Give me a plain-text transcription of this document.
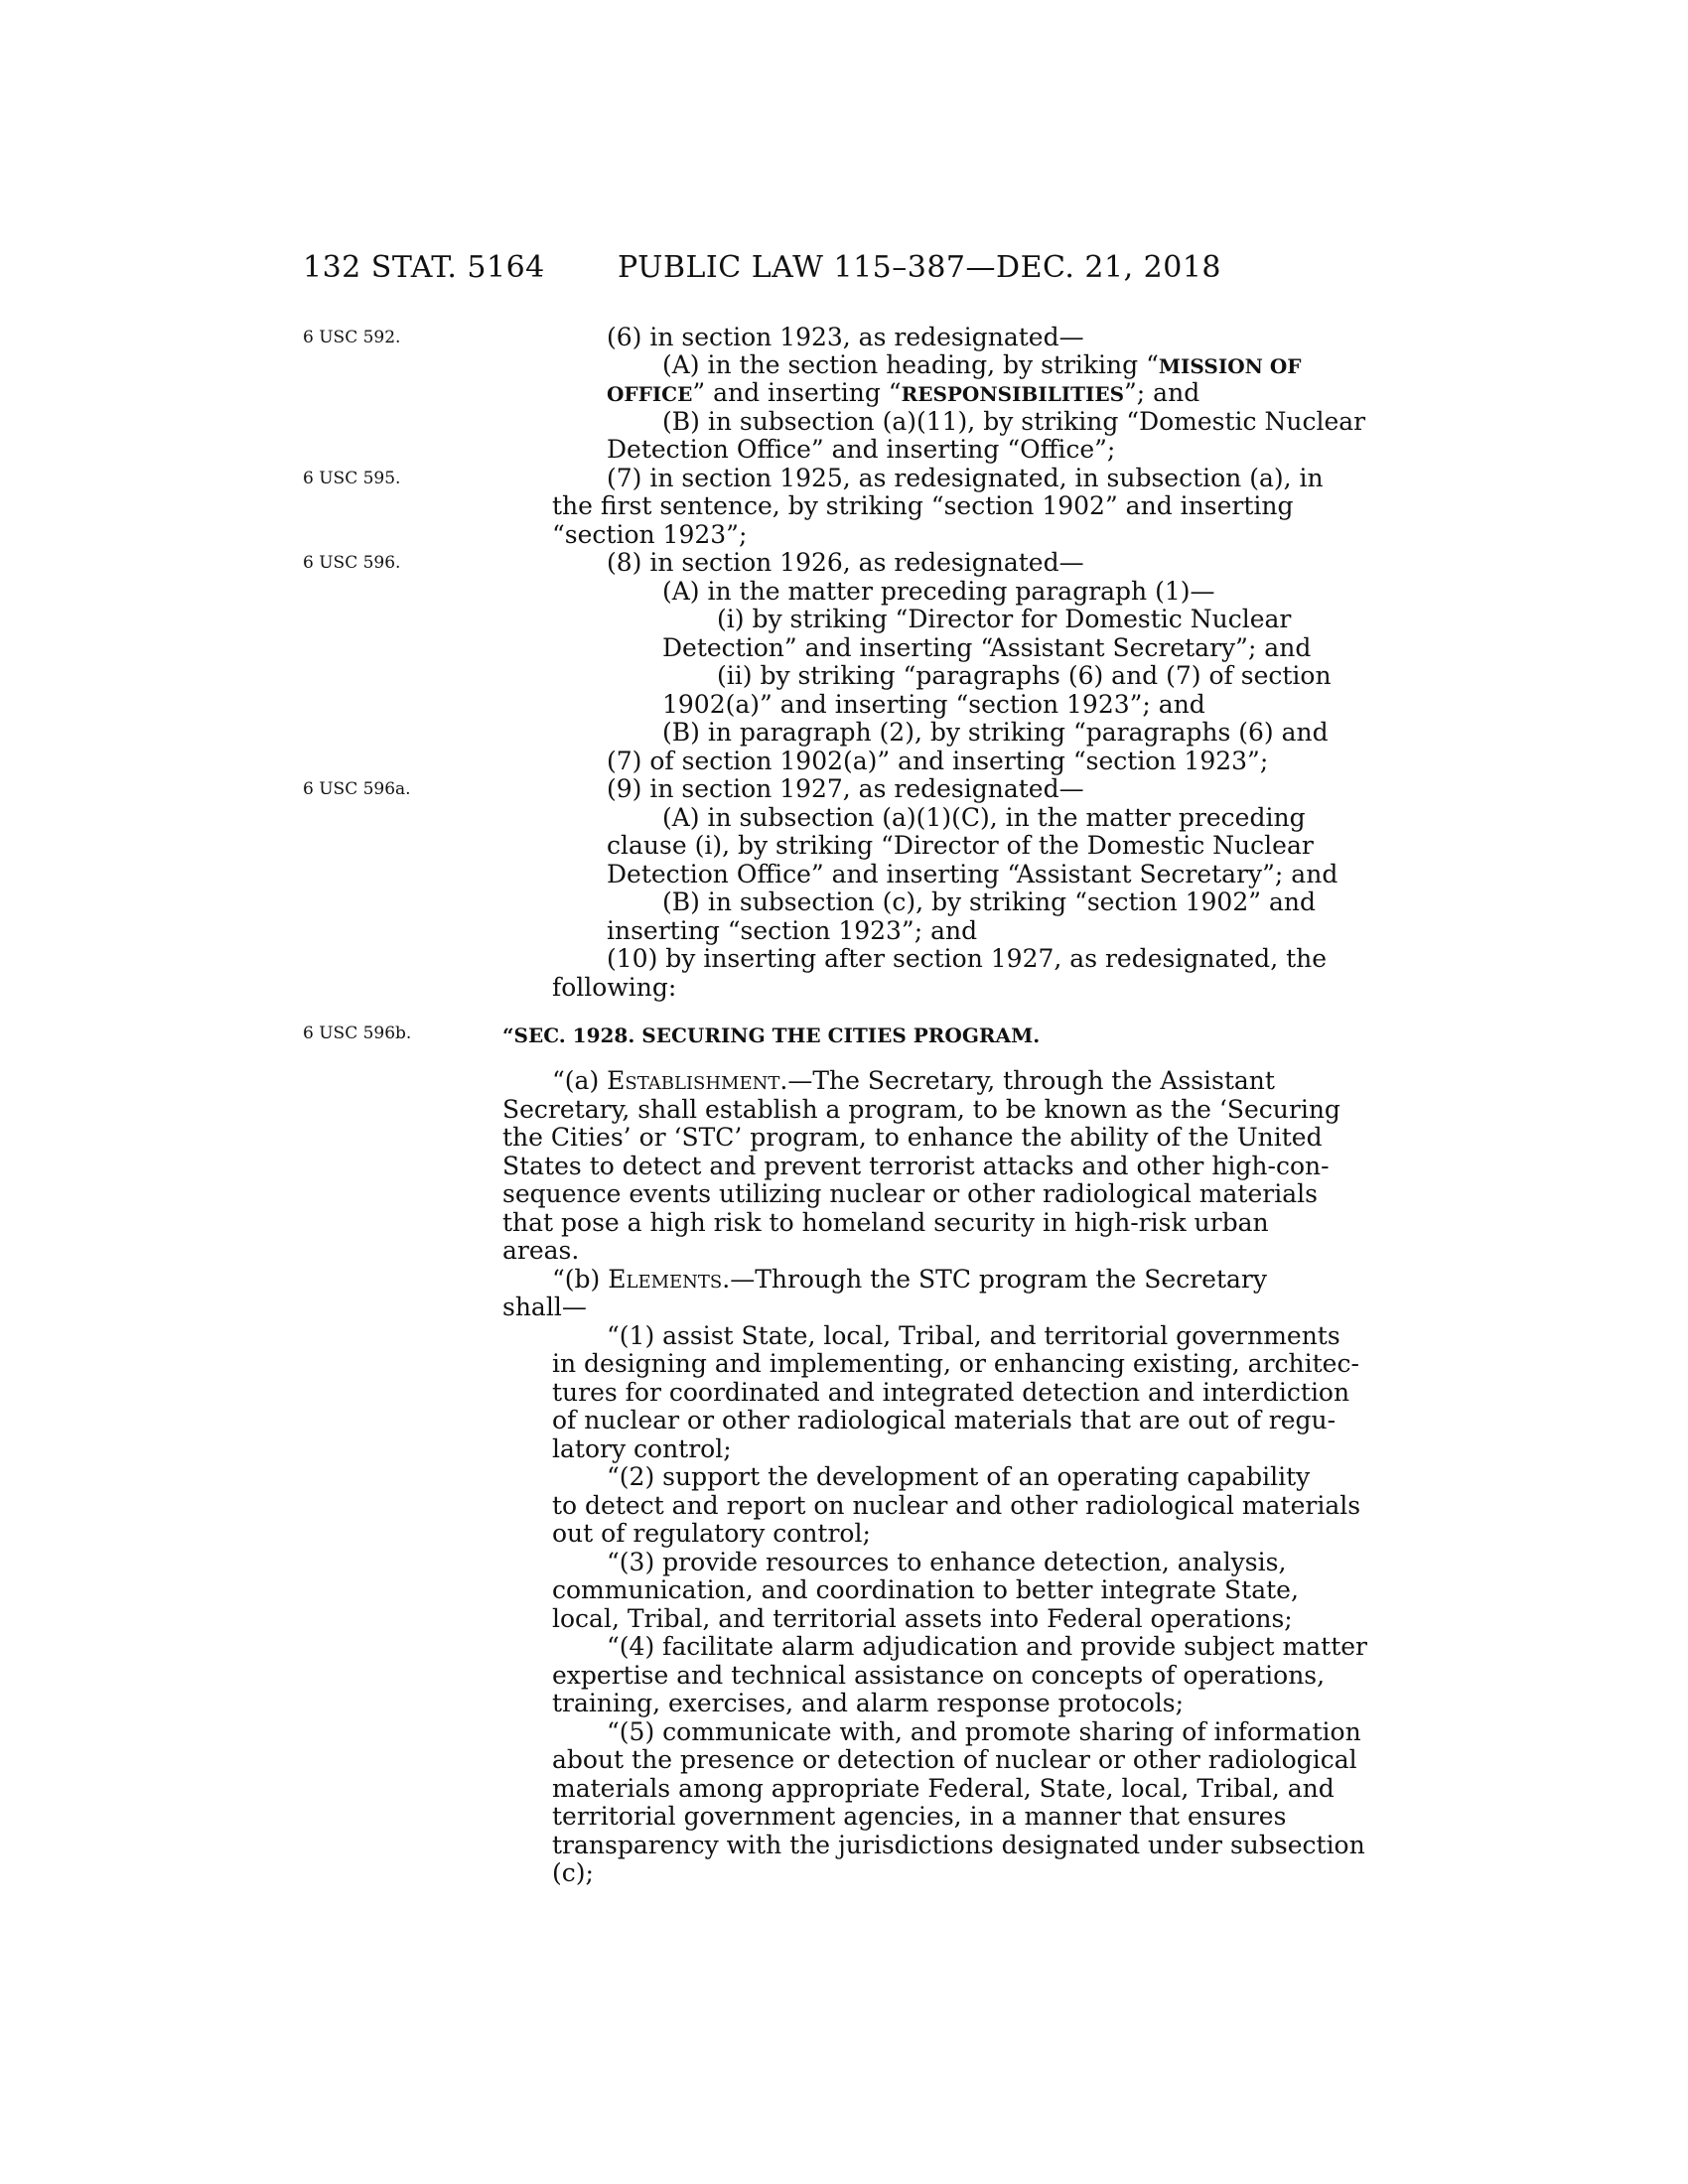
132 STAT. 5164 PUBLIC LAW 115–387—DEC. 21, 2018
6 USC 592.
6 USC 595.
6 USC 596.
6 USC 596a.
6 USC 596b.
(6) in section 1923, as redesignated—
(A) in the section heading, by striking “MISSION OF
OFFICE” and inserting “RESPONSIBILITIES”; and
(B) in subsection (a)(11), by striking “Domestic Nuclear
Detection Office” and inserting “Office”;
(7) in section 1925, as redesignated, in subsection (a), in
the first sentence, by striking “section 1902” and inserting
“section 1923”;
(8) in section 1926, as redesignated—
(A) in the matter preceding paragraph (1)—
(i) by striking “Director for Domestic Nuclear
Detection” and inserting “Assistant Secretary”; and
(ii) by striking “paragraphs (6) and (7) of section
1902(a)” and inserting “section 1923”; and
(B) in paragraph (2), by striking “paragraphs (6) and
(7) of section 1902(a)” and inserting “section 1923”;
(9) in section 1927, as redesignated—
(A) in subsection (a)(1)(C), in the matter preceding
clause (i), by striking “Director of the Domestic Nuclear
Detection Office” and inserting “Assistant Secretary”; and
(B) in subsection (c), by striking “section 1902” and
inserting “section 1923”; and
(10) by inserting after section 1927, as redesignated, the
following:
“SEC. 1928. SECURING THE CITIES PROGRAM.
“(a) Establishment.—The Secretary, through the Assistant
Secretary, shall establish a program, to be known as the ‘Securing
the Cities’ or ‘STC’ program, to enhance the ability of the United
States to detect and prevent terrorist attacks and other high-con-
sequence events utilizing nuclear or other radiological materials
that pose a high risk to homeland security in high-risk urban
areas.
“(b) Elements.—Through the STC program the Secretary
shall—
“(1) assist State, local, Tribal, and territorial governments
in designing and implementing, or enhancing existing, architec-
tures for coordinated and integrated detection and interdiction
of nuclear or other radiological materials that are out of regu-
latory control;
“(2) support the development of an operating capability
to detect and report on nuclear and other radiological materials
out of regulatory control;
“(3) provide resources to enhance detection, analysis,
communication, and coordination to better integrate State,
local, Tribal, and territorial assets into Federal operations;
“(4) facilitate alarm adjudication and provide subject matter
expertise and technical assistance on concepts of operations,
training, exercises, and alarm response protocols;
“(5) communicate with, and promote sharing of information
about the presence or detection of nuclear or other radiological
materials among appropriate Federal, State, local, Tribal, and
territorial government agencies, in a manner that ensures
transparency with the jurisdictions designated under subsection
(c);
